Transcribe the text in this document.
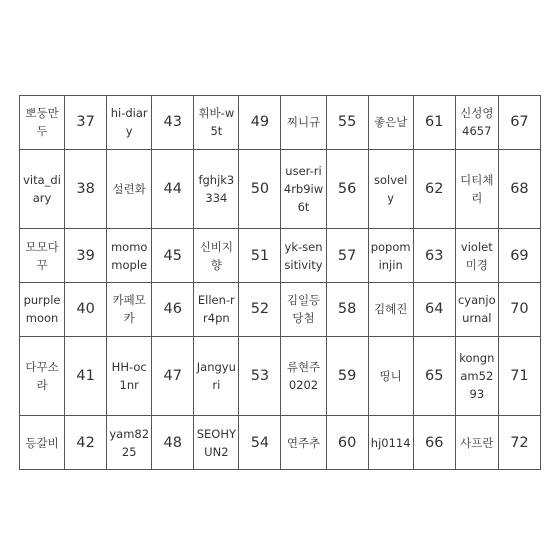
뽀둥만두	37	hi-diary	43	휘바-w5t	49	찌니규	55	좋은날	61	신성영4657	67
vita_diary	38	설련화	44	fghjk3334	50	user-ri4rb9iw6t	56	solvely	62	디티체리	68
모모다꾸	39	momomople	45	신비지향	51	yk-sensitivity	57	popominjin	63	violet미경	69
purplemoon	40	카페모카	46	Ellen-rr4pn	52	김일등당첨	58	김혜진	64	cyanjournal	70
다꾸소라	41	HH-oc1nr	47	Jangyuri	53	류현주0202	59	띵니	65	kongnam5293	71
등갈비	42	yam8225	48	SEOHYUN2	54	연주추	60	hj0114	66	사프란	72
